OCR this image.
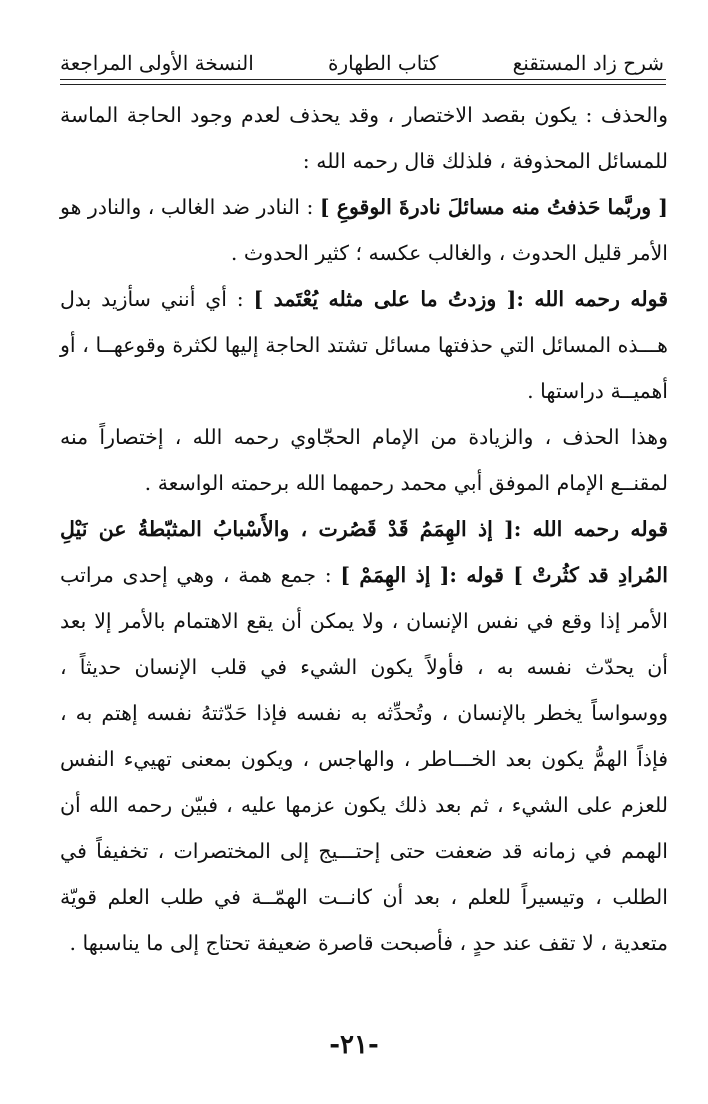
شرح زاد المستقنع
كتاب الطهارة
النسخة الأولى المراجعة

والحذف : يكون بقصد الاختصار ، وقد يحذف لعدم وجود الحاجة الماسة للمسائل المحذوفة ، فلذلك قال رحمه الله :

[ وربَّما حَذفتُ منه مسائلَ نادرةَ الوقوعِ ] : النادر ضد الغالب ، والنادر هو الأمر قليل الحدوث ، والغالب عكسه ؛ كثير الحدوث .

قوله رحمه الله :[ وزدتُ ما على مثله يُعْتَمد ] : أي أنني سأزيد بدل هـــذه المسائل التي حذفتها مسائل تشتد الحاجة إليها لكثرة وقوعهــا ، أو أهميــة دراستها .

وهذا الحذف ، والزيادة من الإمام الحجّاوي رحمه الله ، إختصاراً منه لمقنــع الإمام الموفق أبي محمد رحمهما الله برحمته الواسعة .

قوله رحمه الله :[ إذ الهِمَمُ قَدْ قَصُرت ، والأَسْبابُ المثبّطةُ عن نَيْلِ المُرادِ قد كثُرتْ ] قوله :[ إذ الهِمَمْ ] : جمع همة ، وهي إحدى مراتب الأمر إذا وقع في نفس الإنسان ، ولا يمكن أن يقع الاهتمام بالأمر إلا بعد أن يحدّث نفسه به ، فأولاً يكون الشيء في قلب الإنسان حديثاً ، ووسواساً يخطر بالإنسان ، وتُحدِّثه به نفسه فإذا حَدّثتهُ نفسه إهتم به ، فإذاً الهمُّ يكون بعد الخـــاطر ، والهاجس ، ويكون بمعنى تهييء النفس للعزم على الشيء ، ثم بعد ذلك يكون عزمها عليه ، فبيّن رحمه الله أن الهمم في زمانه قد ضعفت حتى إحتـــيج إلى المختصرات ، تخفيفاً في الطلب ، وتيسيراً للعلم ، بعد أن كانــت الهمّــة في طلب العلم قويّة متعدية ، لا تقف عند حدٍ ، فأصبحت قاصرة ضعيفة تحتاج إلى ما يناسبها .

-٢١-
